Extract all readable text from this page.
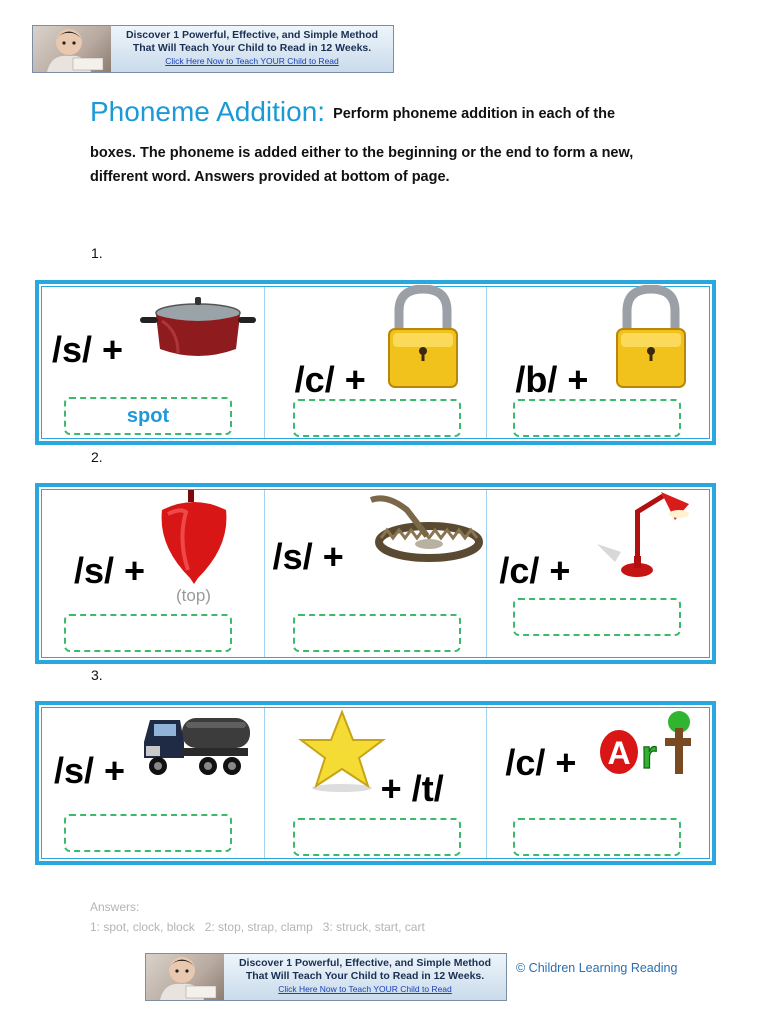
Discover 1 Powerful, Effective, and Simple Method
That Will Teach Your Child to Read in 12 Weeks.
Click Here Now to Teach YOUR Child to Read
Phoneme Addition: Perform phoneme addition in each of the
boxes. The phoneme is added either to the beginning or the end to form a new, different word. Answers provided at bottom of page.
1.
/s/ +
spot
/c/ +	/b/ +
2.
/s/ +
(top)
/s/ +	/c/ +
3.
/s/ +	+ /t/
/c/ + A r t
Answers:
1: spot, clock, block   2: stop, strap, clamp   3: struck, start, cart
Discover 1 Powerful, Effective, and Simple Method
That Will Teach Your Child to Read in 12 Weeks.
Click Here Now to Teach YOUR Child to Read
© Children Learning Reading
